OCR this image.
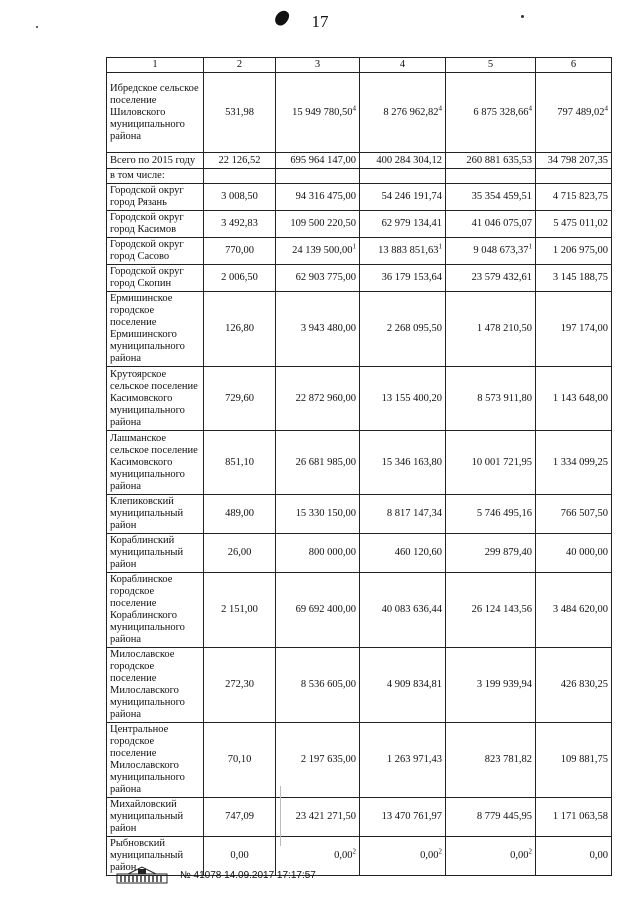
17
1	2	3	4	5	6
Ибредское сельское поселение Шиловского муниципального района	531,98	15 949 780,50$^4$	8 276 962,82$^4$	6 875 328,66$^4$	797 489,02$^4$
Всего по 2015 году	22 126,52	695 964 147,00	400 284 304,12	260 881 635,53	34 798 207,35
в том числе:					
Городской округ город Рязань	3 008,50	94 316 475,00	54 246 191,74	35 354 459,51	4 715 823,75
Городской округ город Касимов	3 492,83	109 500 220,50	62 979 134,41	41 046 075,07	5 475 011,02
Городской округ город Сасово	770,00	24 139 500,00$^1$	13 883 851,63$^1$	9 048 673,37$^1$	1 206 975,00
Городской округ город Скопин	2 006,50	62 903 775,00	36 179 153,64	23 579 432,61	3 145 188,75
Ермишинское городское поселение Ермишинского муниципального района	126,80	3 943 480,00	2 268 095,50	1 478 210,50	197 174,00
Крутоярское сельское поселение Касимовского муниципального района	729,60	22 872 960,00	13 155 400,20	8 573 911,80	1 143 648,00
Лашманское сельское поселение Касимовского муниципального района	851,10	26 681 985,00	15 346 163,80	10 001 721,95	1 334 099,25
Клепиковский муниципальный район	489,00	15 330 150,00	8 817 147,34	5 746 495,16	766 507,50
Кораблинский муниципальный район	26,00	800 000,00	460 120,60	299 879,40	40 000,00
Кораблинское городское поселение Кораблинского муниципального района	2 151,00	69 692 400,00	40 083 636,44	26 124 143,56	3 484 620,00
Милославское городское поселение Милославского муниципального района	272,30	8 536 605,00	4 909 834,81	3 199 939,94	426 830,25
Центральное городское поселение Милославского муниципального района	70,10	2 197 635,00	1 263 971,43	823 781,82	109 881,75
Михайловский муниципальный район	747,09	23 421 271,50	13 470 761,97	8 779 445,95	1 171 063,58
Рыбновский муниципальный район	0,00	0,00$^2$	0,00$^2$	0,00$^2$	0,00
№ 41078 14.09.2017 17:17:57
